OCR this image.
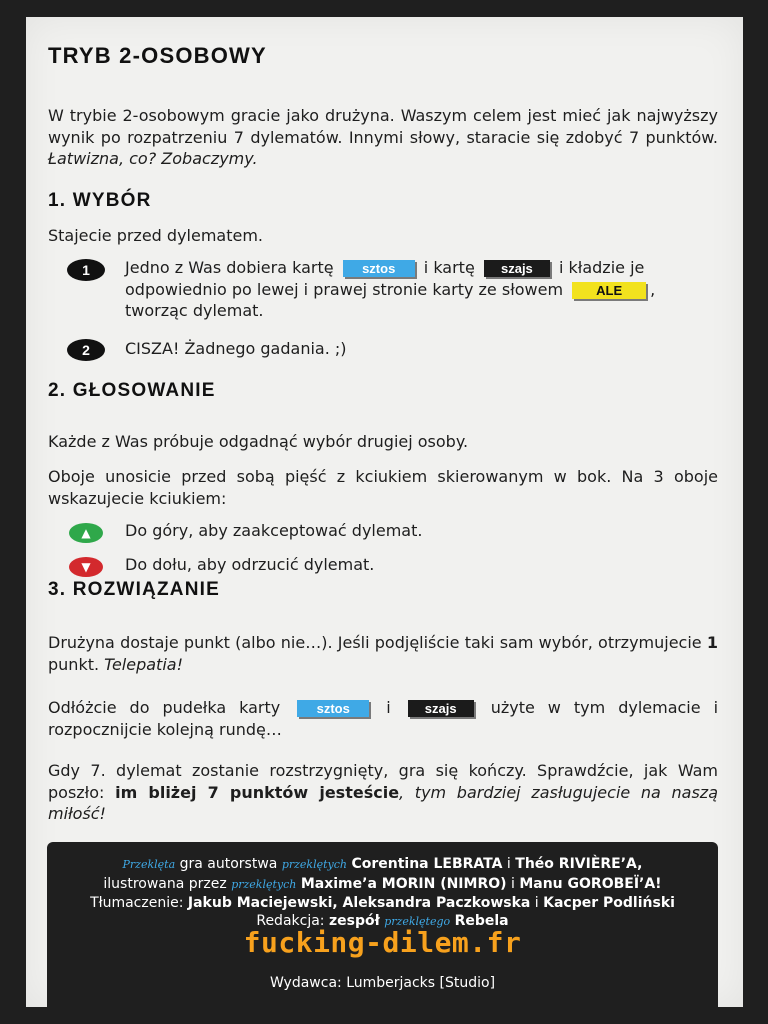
TRYB 2-OSOBOWY

W trybie 2-osobowym gracie jako drużyna. Waszym celem jest mieć jak najwyższy wynik po rozpatrzeniu 7 dylematów. Innymi słowy, staracie się zdobyć 7 punktów. Łatwizna, co? Zobaczymy.

1. WYBÓR

Stajecie przed dylematem.

1	Jedno z Was dobiera kartę sztos i kartę szajs i kładzie je odpowiednio po lewej i prawej stronie karty ze słowem	ALE , tworząc dylemat.
2	CISZA! Żadnego gadania. ;)
2. GŁOSOWANIE

Każde z Was próbuje odgadnąć wybór drugiej osoby.

Oboje unosicie przed sobą pięść z kciukiem skierowanym w bok. Na 3 oboje wskazujecie kciukiem:

▲	Do góry, aby zaakceptować dylemat.
▼	Do dołu, aby odrzucić dylemat.
3. ROZWIĄZANIE

Drużyna dostaje punkt (albo nie…). Jeśli podjęliście taki sam wybór, otrzymujecie 1 punkt. Telepatia!

Odłóżcie do pudełka karty	sztos i	szajs użyte w tym dylemacie i rozpocznijcie kolejną rundę…

Gdy 7. dylemat zostanie rozstrzygnięty, gra się kończy. Sprawdźcie, jak Wam poszło: im bliżej 7 punktów jesteście, tym bardziej zasługujecie na naszą miłość!

Przeklęta gra autorstwa przeklętych Corentina LEBRATA i Théo RIVIÈRE’A,
ilustrowana przez przeklętych Maxime’a MORIN (NIMRO) i Manu GOROBEÏ’A!
Tłumaczenie: Jakub Maciejewski, Aleksandra Paczkowska i Kacper Podliński
Redakcja: zespół przeklętego Rebela
fucking-dilem.fr
Wydawca: Lumberjacks [Studio]
